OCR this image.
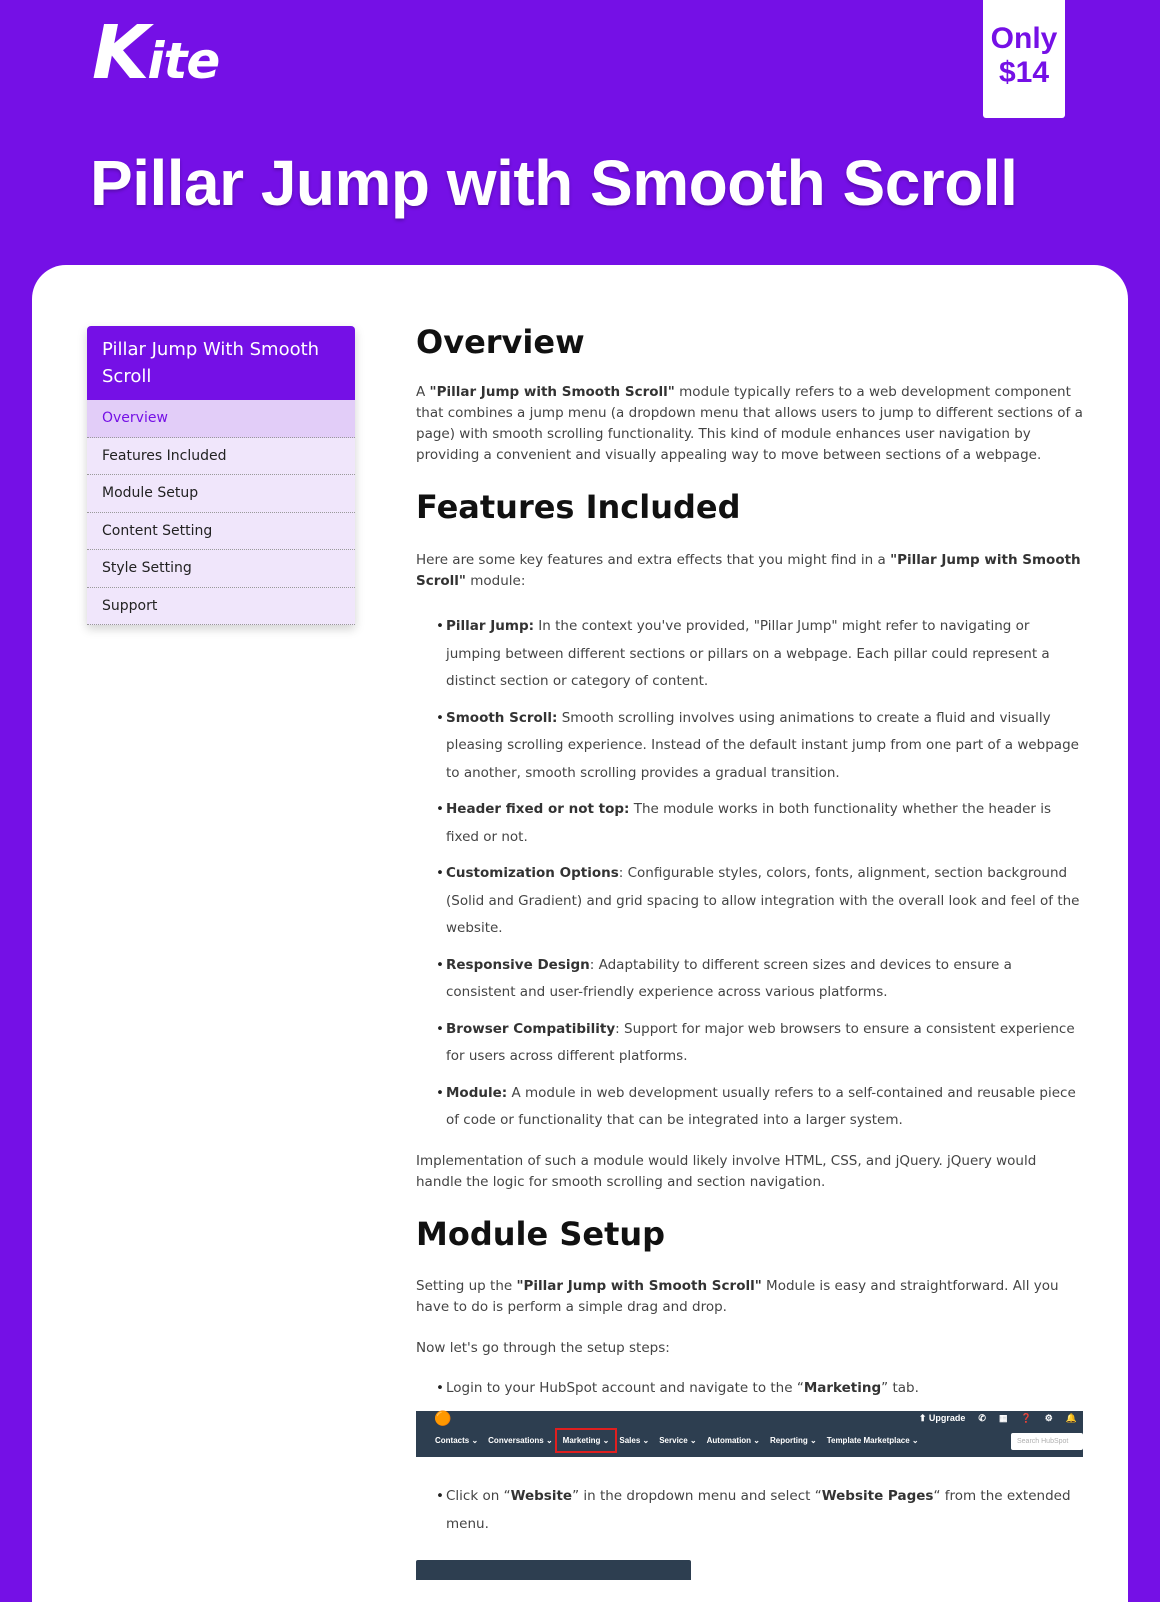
Kite	Only
$14
Pillar Jump with Smooth Scroll
Pillar Jump With Smooth Scroll
Overview
Features Included
Module Setup
Content Setting
Style Setting
Support
Overview

A "Pillar Jump with Smooth Scroll" module typically refers to a web development component that combines a jump menu (a dropdown menu that allows users to jump to different sections of a page) with smooth scrolling functionality. This kind of module enhances user navigation by providing a convenient and visually appealing way to move between sections of a webpage.

Features Included

Here are some key features and extra effects that you might find in a "Pillar Jump with Smooth Scroll" module:

• Pillar Jump: In the context you've provided, "Pillar Jump" might refer to navigating or jumping between different sections or pillars on a webpage. Each pillar could represent a distinct section or category of content.
• Smooth Scroll: Smooth scrolling involves using animations to create a fluid and visually pleasing scrolling experience. Instead of the default instant jump from one part of a webpage to another, smooth scrolling provides a gradual transition.
• Header fixed or not top: The module works in both functionality whether the header is fixed or not.
• Customization Options: Configurable styles, colors, fonts, alignment, section background (Solid and Gradient) and grid spacing to allow integration with the overall look and feel of the website.
• Responsive Design: Adaptability to different screen sizes and devices to ensure a consistent and user-friendly experience across various platforms.
• Browser Compatibility: Support for major web browsers to ensure a consistent experience for users across different platforms.
• Module: A module in web development usually refers to a self-contained and reusable piece of code or functionality that can be integrated into a larger system.

Implementation of such a module would likely involve HTML, CSS, and jQuery. jQuery would handle the logic for smooth scrolling and section navigation.

Module Setup

Setting up the "Pillar Jump with Smooth Scroll" Module is easy and straightforward. All you have to do is perform a simple drag and drop.

Now let's go through the setup steps:

• Login to your HubSpot account and navigate to the “Marketing” tab.
🟠	⬆ Upgrade ✆ ▦ ❓ ⚙ 🔔
Contacts ⌄ Conversations ⌄ Marketing ⌄ Sales ⌄ Service ⌄ Automation ⌄ Reporting ⌄ Template Marketplace ⌄	Search HubSpot
• Click on “Website” in the dropdown menu and select “Website Pages“ from the extended menu.
